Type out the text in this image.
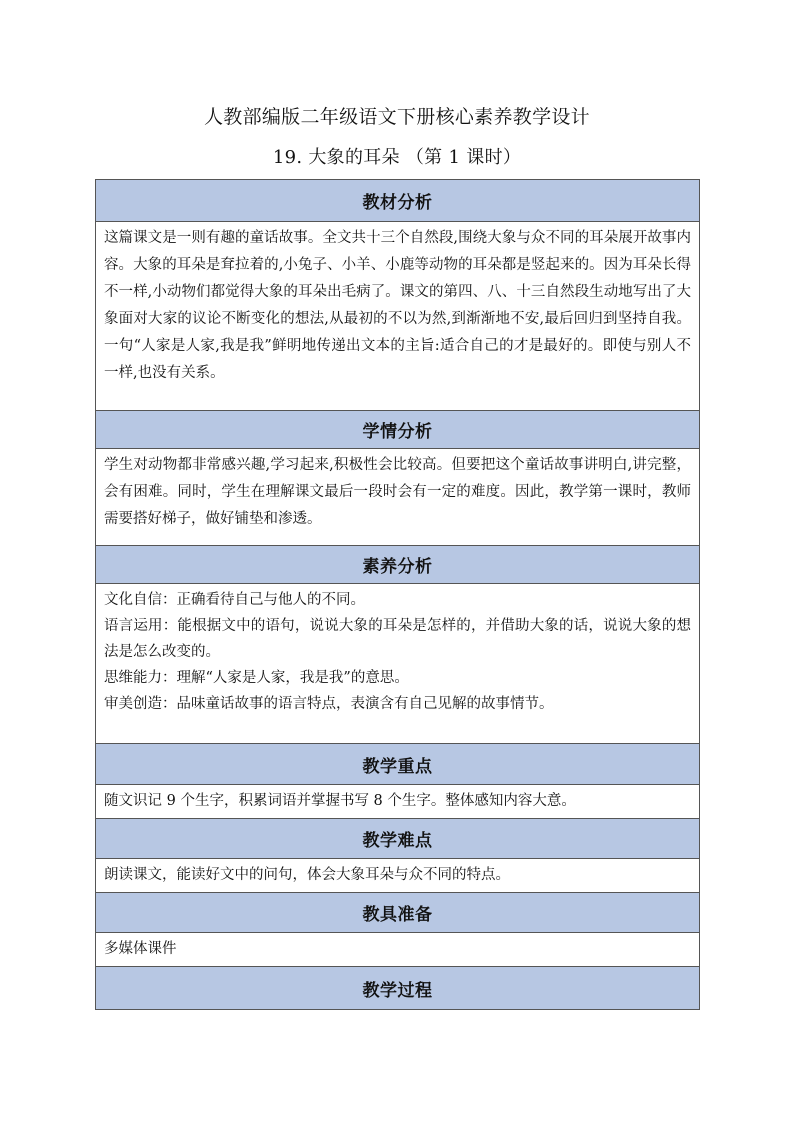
人教部编版二年级语文下册核心素养教学设计
19. 大象的耳朵 （第 1 课时）
教材分析

这篇课文是一则有趣的童话故事。全文共十三个自然段,围绕大象与众不同的耳朵展开故事内容。大象的耳朵是耷拉着的,小兔子、小羊、小鹿等动物的耳朵都是竖起来的。因为耳朵长得不一样,小动物们都觉得大象的耳朵出毛病了。课文的第四、八、十三自然段生动地写出了大象面对大家的议论不断变化的想法,从最初的不以为然,到渐渐地不安,最后回归到坚持自我。一句“人家是人家,我是我”鲜明地传递出文本的主旨:适合自己的才是最好的。即使与别人不一样,也没有关系。

学情分析

学生对动物都非常感兴趣,学习起来,积极性会比较高。但要把这个童话故事讲明白,讲完整，会有困难。同时，学生在理解课文最后一段时会有一定的难度。因此，教学第一课时，教师需要搭好梯子，做好铺垫和渗透。

素养分析

文化自信：正确看待自己与他人的不同。

语言运用：能根据文中的语句，说说大象的耳朵是怎样的，并借助大象的话，说说大象的想法是怎么改变的。

思维能力：理解“人家是人家，我是我”的意思。

审美创造：品味童话故事的语言特点，表演含有自己见解的故事情节。

教学重点

随文识记 9 个生字，积累词语并掌握书写 8 个生字。整体感知内容大意。

教学难点

朗读课文，能读好文中的问句，体会大象耳朵与众不同的特点。

教具准备

多媒体课件

教学过程
